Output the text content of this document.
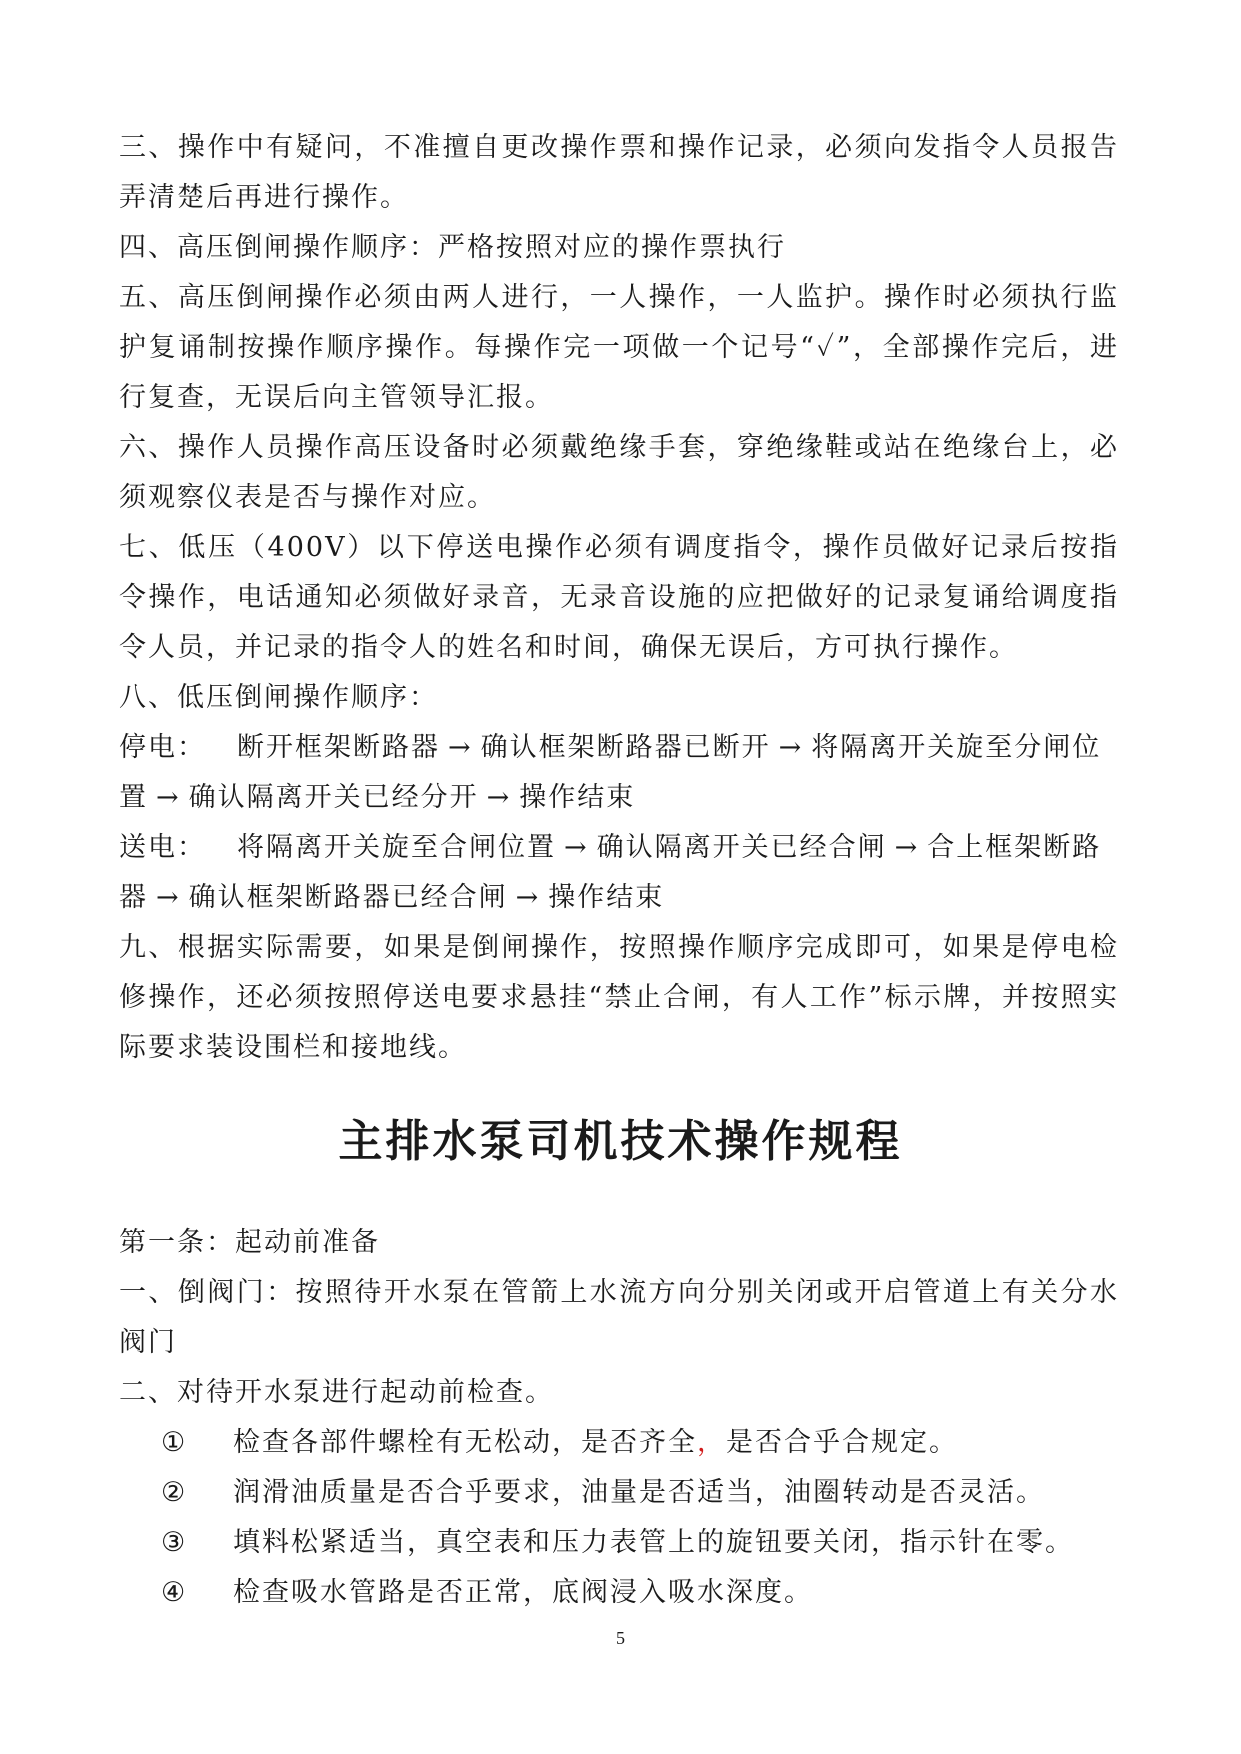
三、操作中有疑问，不准擅自更改操作票和操作记录，必须向发指令人员报告弄清楚后再进行操作。

四、高压倒闸操作顺序：严格按照对应的操作票执行

五、高压倒闸操作必须由两人进行，一人操作，一人监护。操作时必须执行监护复诵制按操作顺序操作。每操作完一项做一个记号“✓”，全部操作完后，进行复查，无误后向主管领导汇报。

六、操作人员操作高压设备时必须戴绝缘手套，穿绝缘鞋或站在绝缘台上，必须观察仪表是否与操作对应。

七、低压（400V）以下停送电操作必须有调度指令，操作员做好记录后按指令操作，电话通知必须做好录音，无录音设施的应把做好的记录复诵给调度指令人员，并记录的指令人的姓名和时间，确保无误后，方可执行操作。

八、低压倒闸操作顺序：

停电： 断开框架断路器 → 确认框架断路器已断开 → 将隔离开关旋至分闸位置 → 确认隔离开关已经分开 → 操作结束

送电： 将隔离开关旋至合闸位置 → 确认隔离开关已经合闸 → 合上框架断路器 → 确认框架断路器已经合闸 → 操作结束

九、根据实际需要，如果是倒闸操作，按照操作顺序完成即可，如果是停电检修操作，还必须按照停送电要求悬挂“禁止合闸，有人工作”标示牌，并按照实际要求装设围栏和接地线。

主排水泵司机技术操作规程

第一条：起动前准备

一、倒阀门：按照待开水泵在管箭上水流方向分别关闭或开启管道上有关分水阀门

二、对待开水泵进行起动前检查。

① 检查各部件螺栓有无松动，是否齐全，是否合乎合规定。
② 润滑油质量是否合乎要求，油量是否适当，油圈转动是否灵活。
③ 填料松紧适当，真空表和压力表管上的旋钮要关闭，指示针在零。
④ 检查吸水管路是否正常，底阀浸入吸水深度。
5
